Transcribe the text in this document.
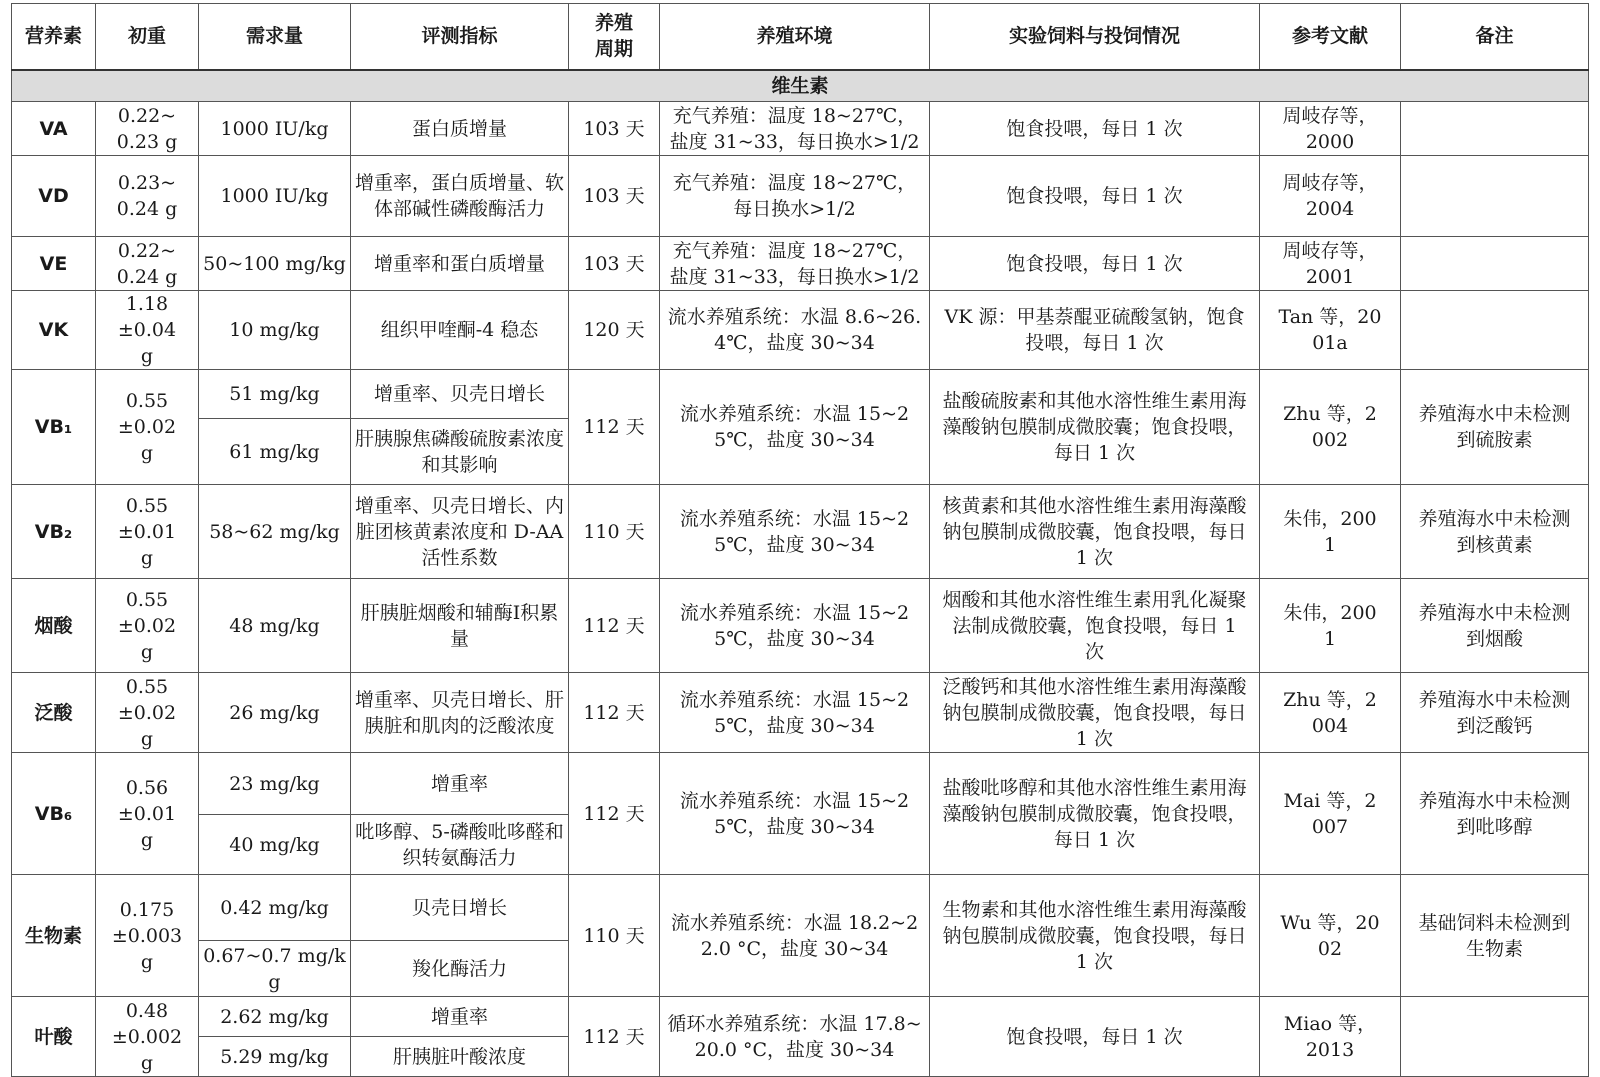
营养素	初重	需求量	评测指标	养殖周期	养殖环境	实验饲料与投饲情况	参考文献	备注
维生素								
VA	0.22~0.23 g	1000 IU/kg	蛋白质增量	103 天	充气养殖：温度 18~27℃，盐度 31~33，每日换水>1/2	饱食投喂，每日 1 次	周岐存等，2000	
VD	0.23~0.24 g	1000 IU/kg	增重率，蛋白质增量、软体部碱性磷酸酶活力	103 天	充气养殖：温度 18~27℃，每日换水>1/2	饱食投喂，每日 1 次	周岐存等，2004	
VE	0.22~0.24 g	50~100 mg/kg	增重率和蛋白质增量	103 天	充气养殖：温度 18~27℃，盐度 31~33，每日换水>1/2	饱食投喂，每日 1 次	周岐存等，2001	
VK	1.18±0.04 g	10 mg/kg	组织甲喹酮-4 稳态	120 天	流水养殖系统：水温 8.6~26.4℃，盐度 30~34	VK 源：甲基萘醌亚硫酸氢钠，饱食投喂，每日 1 次	Tan 等，2001a	
VB₁	0.55±0.02 g	51 mg/kg	增重率、贝壳日增长	112 天	流水养殖系统：水温 15~25℃，盐度 30~34	盐酸硫胺素和其他水溶性维生素用海藻酸钠包膜制成微胶囊；饱食投喂，每日 1 次	Zhu 等，2002	养殖海水中未检测到硫胺素
		61 mg/kg	肝胰腺焦磷酸硫胺素浓度和其影响					
VB₂	0.55±0.01 g	58~62 mg/kg	增重率、贝壳日增长、内脏团核黄素浓度和 D-AA 活性系数	110 天	流水养殖系统：水温 15~25℃，盐度 30~34	核黄素和其他水溶性维生素用海藻酸钠包膜制成微胶囊，饱食投喂，每日 1 次	朱伟，2001	养殖海水中未检测到核黄素
烟酸	0.55±0.02 g	48 mg/kg	肝胰脏烟酸和辅酶I积累量	112 天	流水养殖系统：水温 15~25℃，盐度 30~34	烟酸和其他水溶性维生素用乳化凝聚法制成微胶囊，饱食投喂，每日 1 次	朱伟，2001	养殖海水中未检测到烟酸
泛酸	0.55±0.02 g	26 mg/kg	增重率、贝壳日增长、肝胰脏和肌肉的泛酸浓度	112 天	流水养殖系统：水温 15~25℃，盐度 30~34	泛酸钙和其他水溶性维生素用海藻酸钠包膜制成微胶囊，饱食投喂，每日 1 次	Zhu 等，2004	养殖海水中未检测到泛酸钙
VB₆	0.56±0.01 g	23 mg/kg	增重率	112 天	流水养殖系统：水温 15~25℃，盐度 30~34	盐酸吡哆醇和其他水溶性维生素用海藻酸钠包膜制成微胶囊，饱食投喂，每日 1 次	Mai 等，2007	养殖海水中未检测到吡哆醇
		40 mg/kg	吡哆醇、5-磷酸吡哆醛和织转氨酶活力					
生物素	0.175±0.003 g	0.42 mg/kg	贝壳日增长	110 天	流水养殖系统：水温 18.2~22.0 °C，盐度 30~34	生物素和其他水溶性维生素用海藻酸钠包膜制成微胶囊，饱食投喂，每日 1 次	Wu 等，2002	基础饲料未检测到生物素
		0.67~0.7 mg/kg	羧化酶活力					
叶酸	0.48±0.002 g	2.62 mg/kg	增重率	112 天	循环水养殖系统：水温 17.8~20.0 °C，盐度 30~34	饱食投喂，每日 1 次	Miao 等，2013	
		5.29 mg/kg	肝胰脏叶酸浓度					
